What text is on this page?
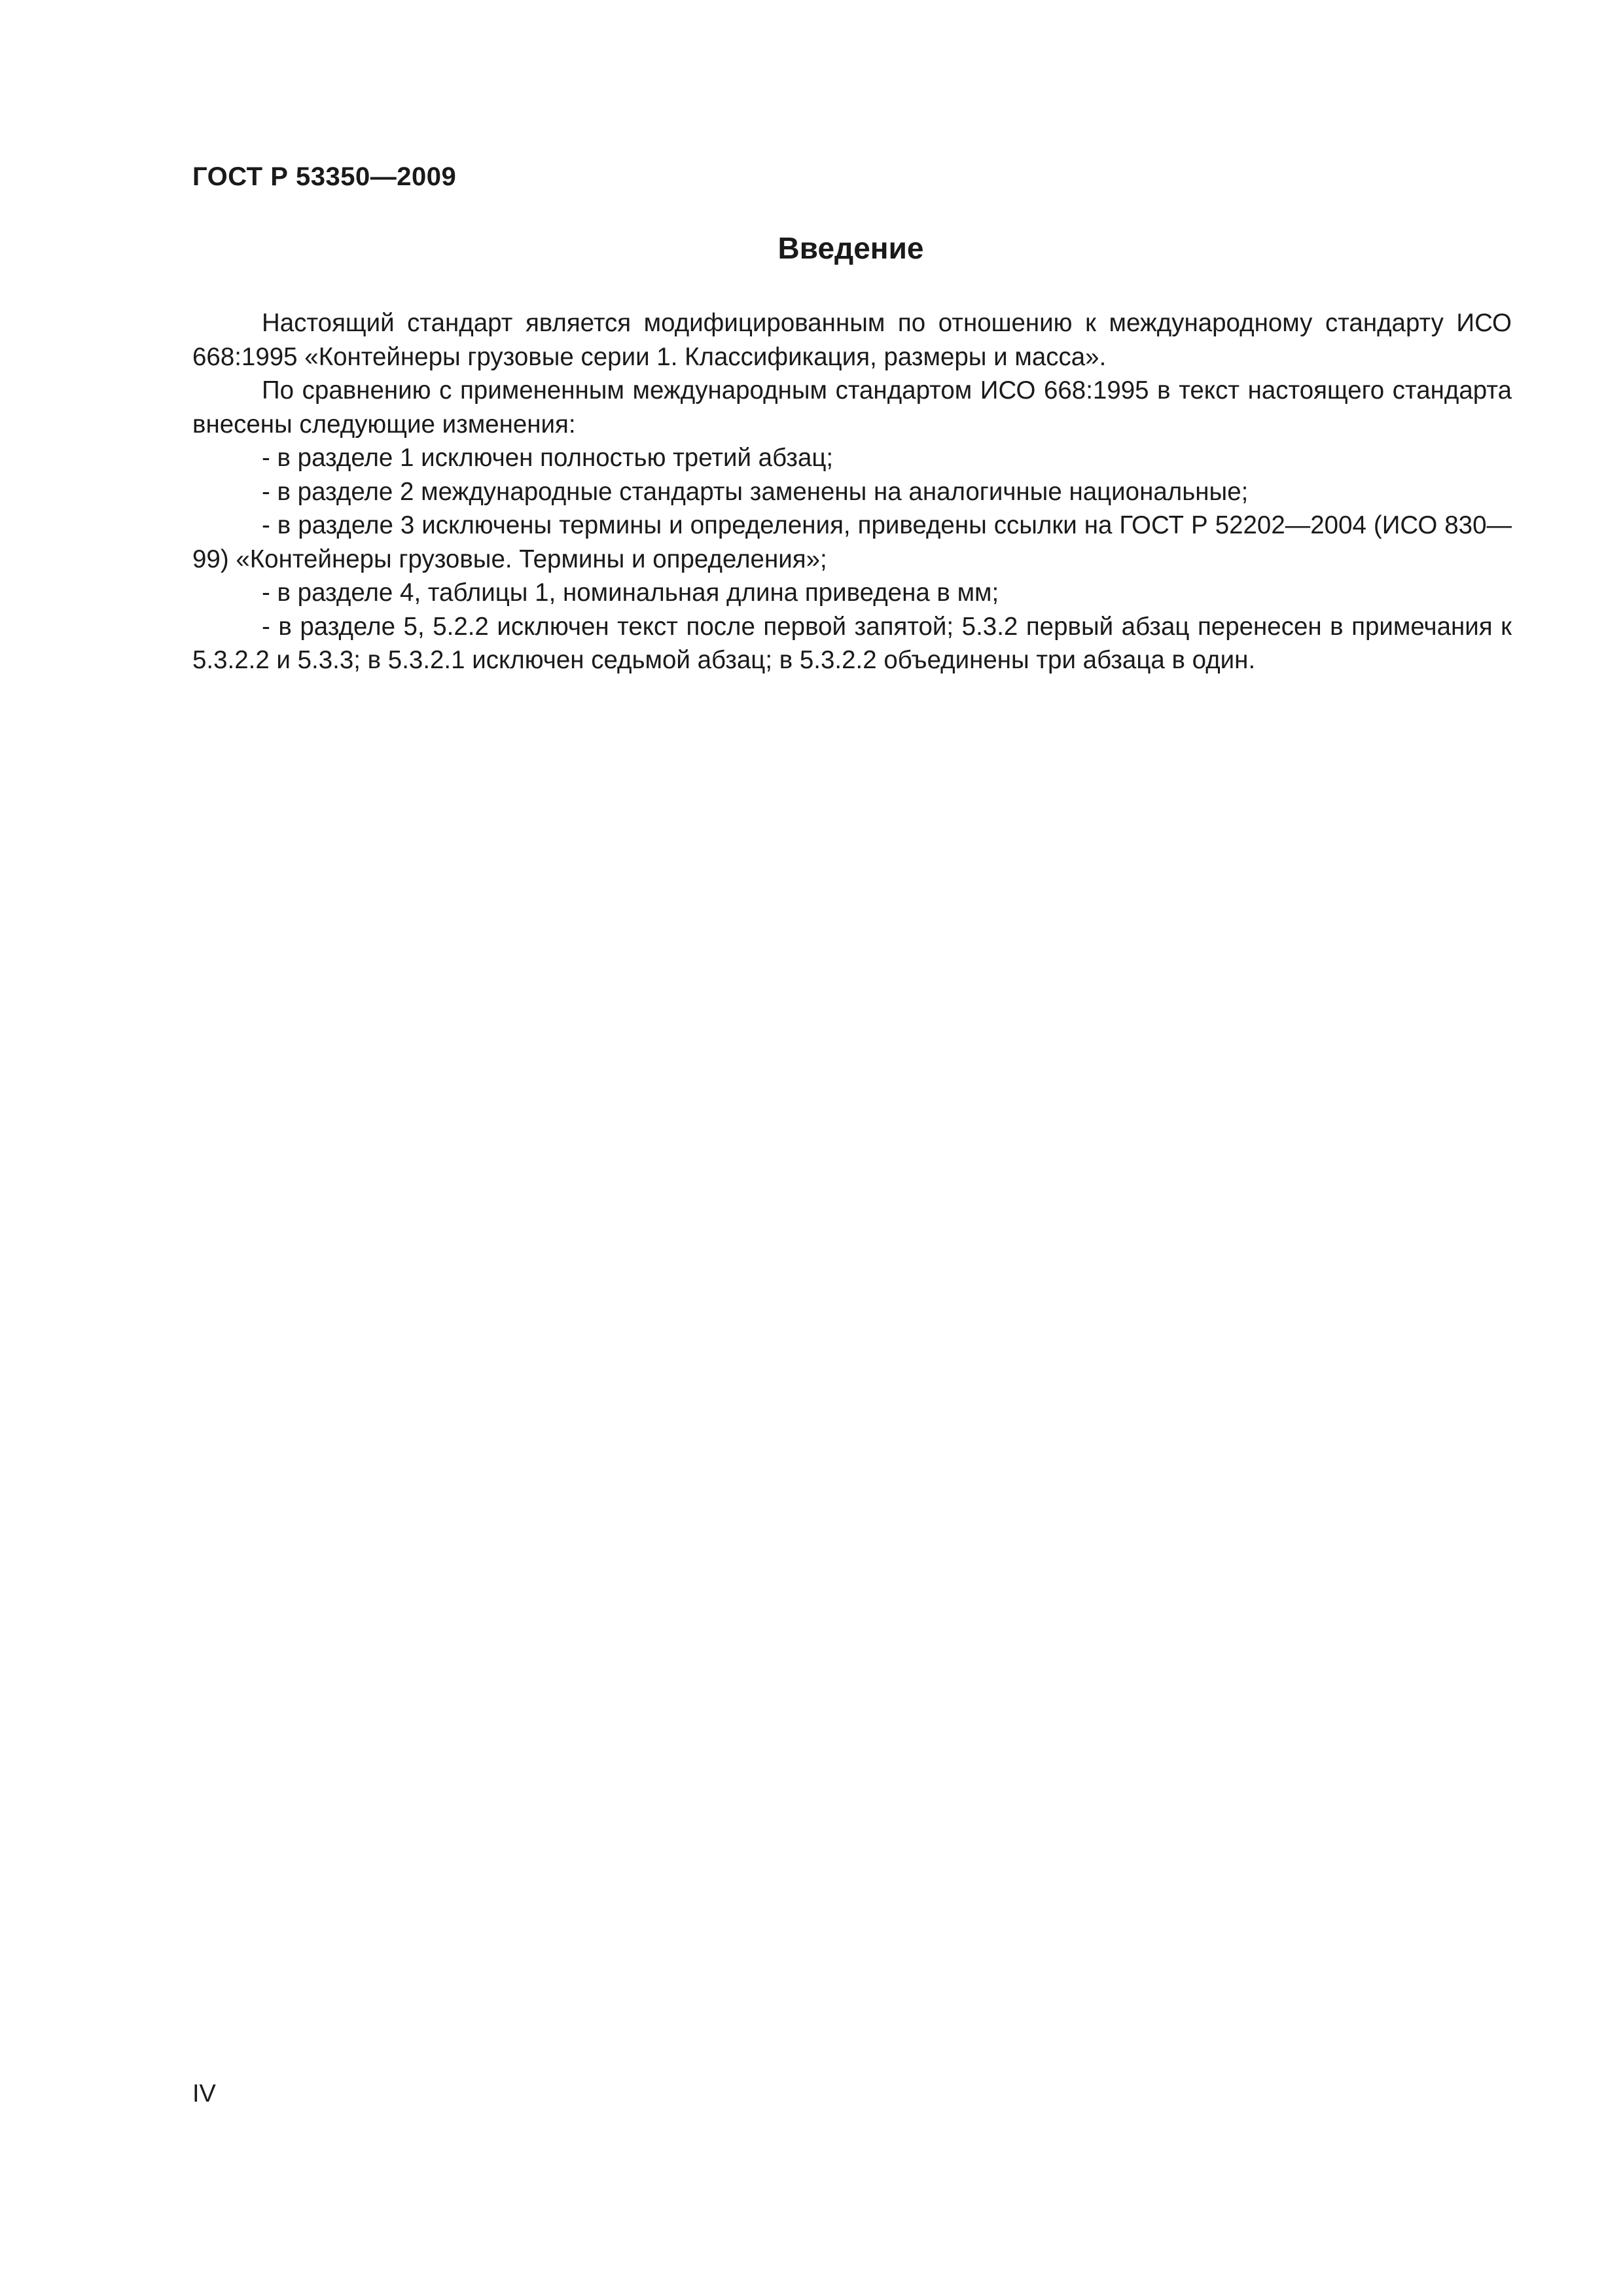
ГОСТ Р 53350—2009
Введение

Настоящий стандарт является модифицированным по отношению к международному стандарту ИСО 668:1995 «Контейнеры грузовые серии 1. Классификация, размеры и масса».

По сравнению с примененным международным стандартом ИСО 668:1995 в текст настоящего стандарта внесены следующие изменения:

- в разделе 1 исключен полностью третий абзац;

- в разделе 2 международные стандарты заменены на аналогичные национальные;

- в разделе 3 исключены термины и определения, приведены ссылки на ГОСТ Р 52202—2004 (ИСО 830—99) «Контейнеры грузовые. Термины и определения»;

- в разделе 4, таблицы 1, номинальная длина приведена в мм;

- в разделе 5, 5.2.2 исключен текст после первой запятой; 5.3.2 первый абзац перенесен в примечания к 5.3.2.2 и 5.3.3; в 5.3.2.1 исключен седьмой абзац; в 5.3.2.2 объединены три абзаца в один.

IV
